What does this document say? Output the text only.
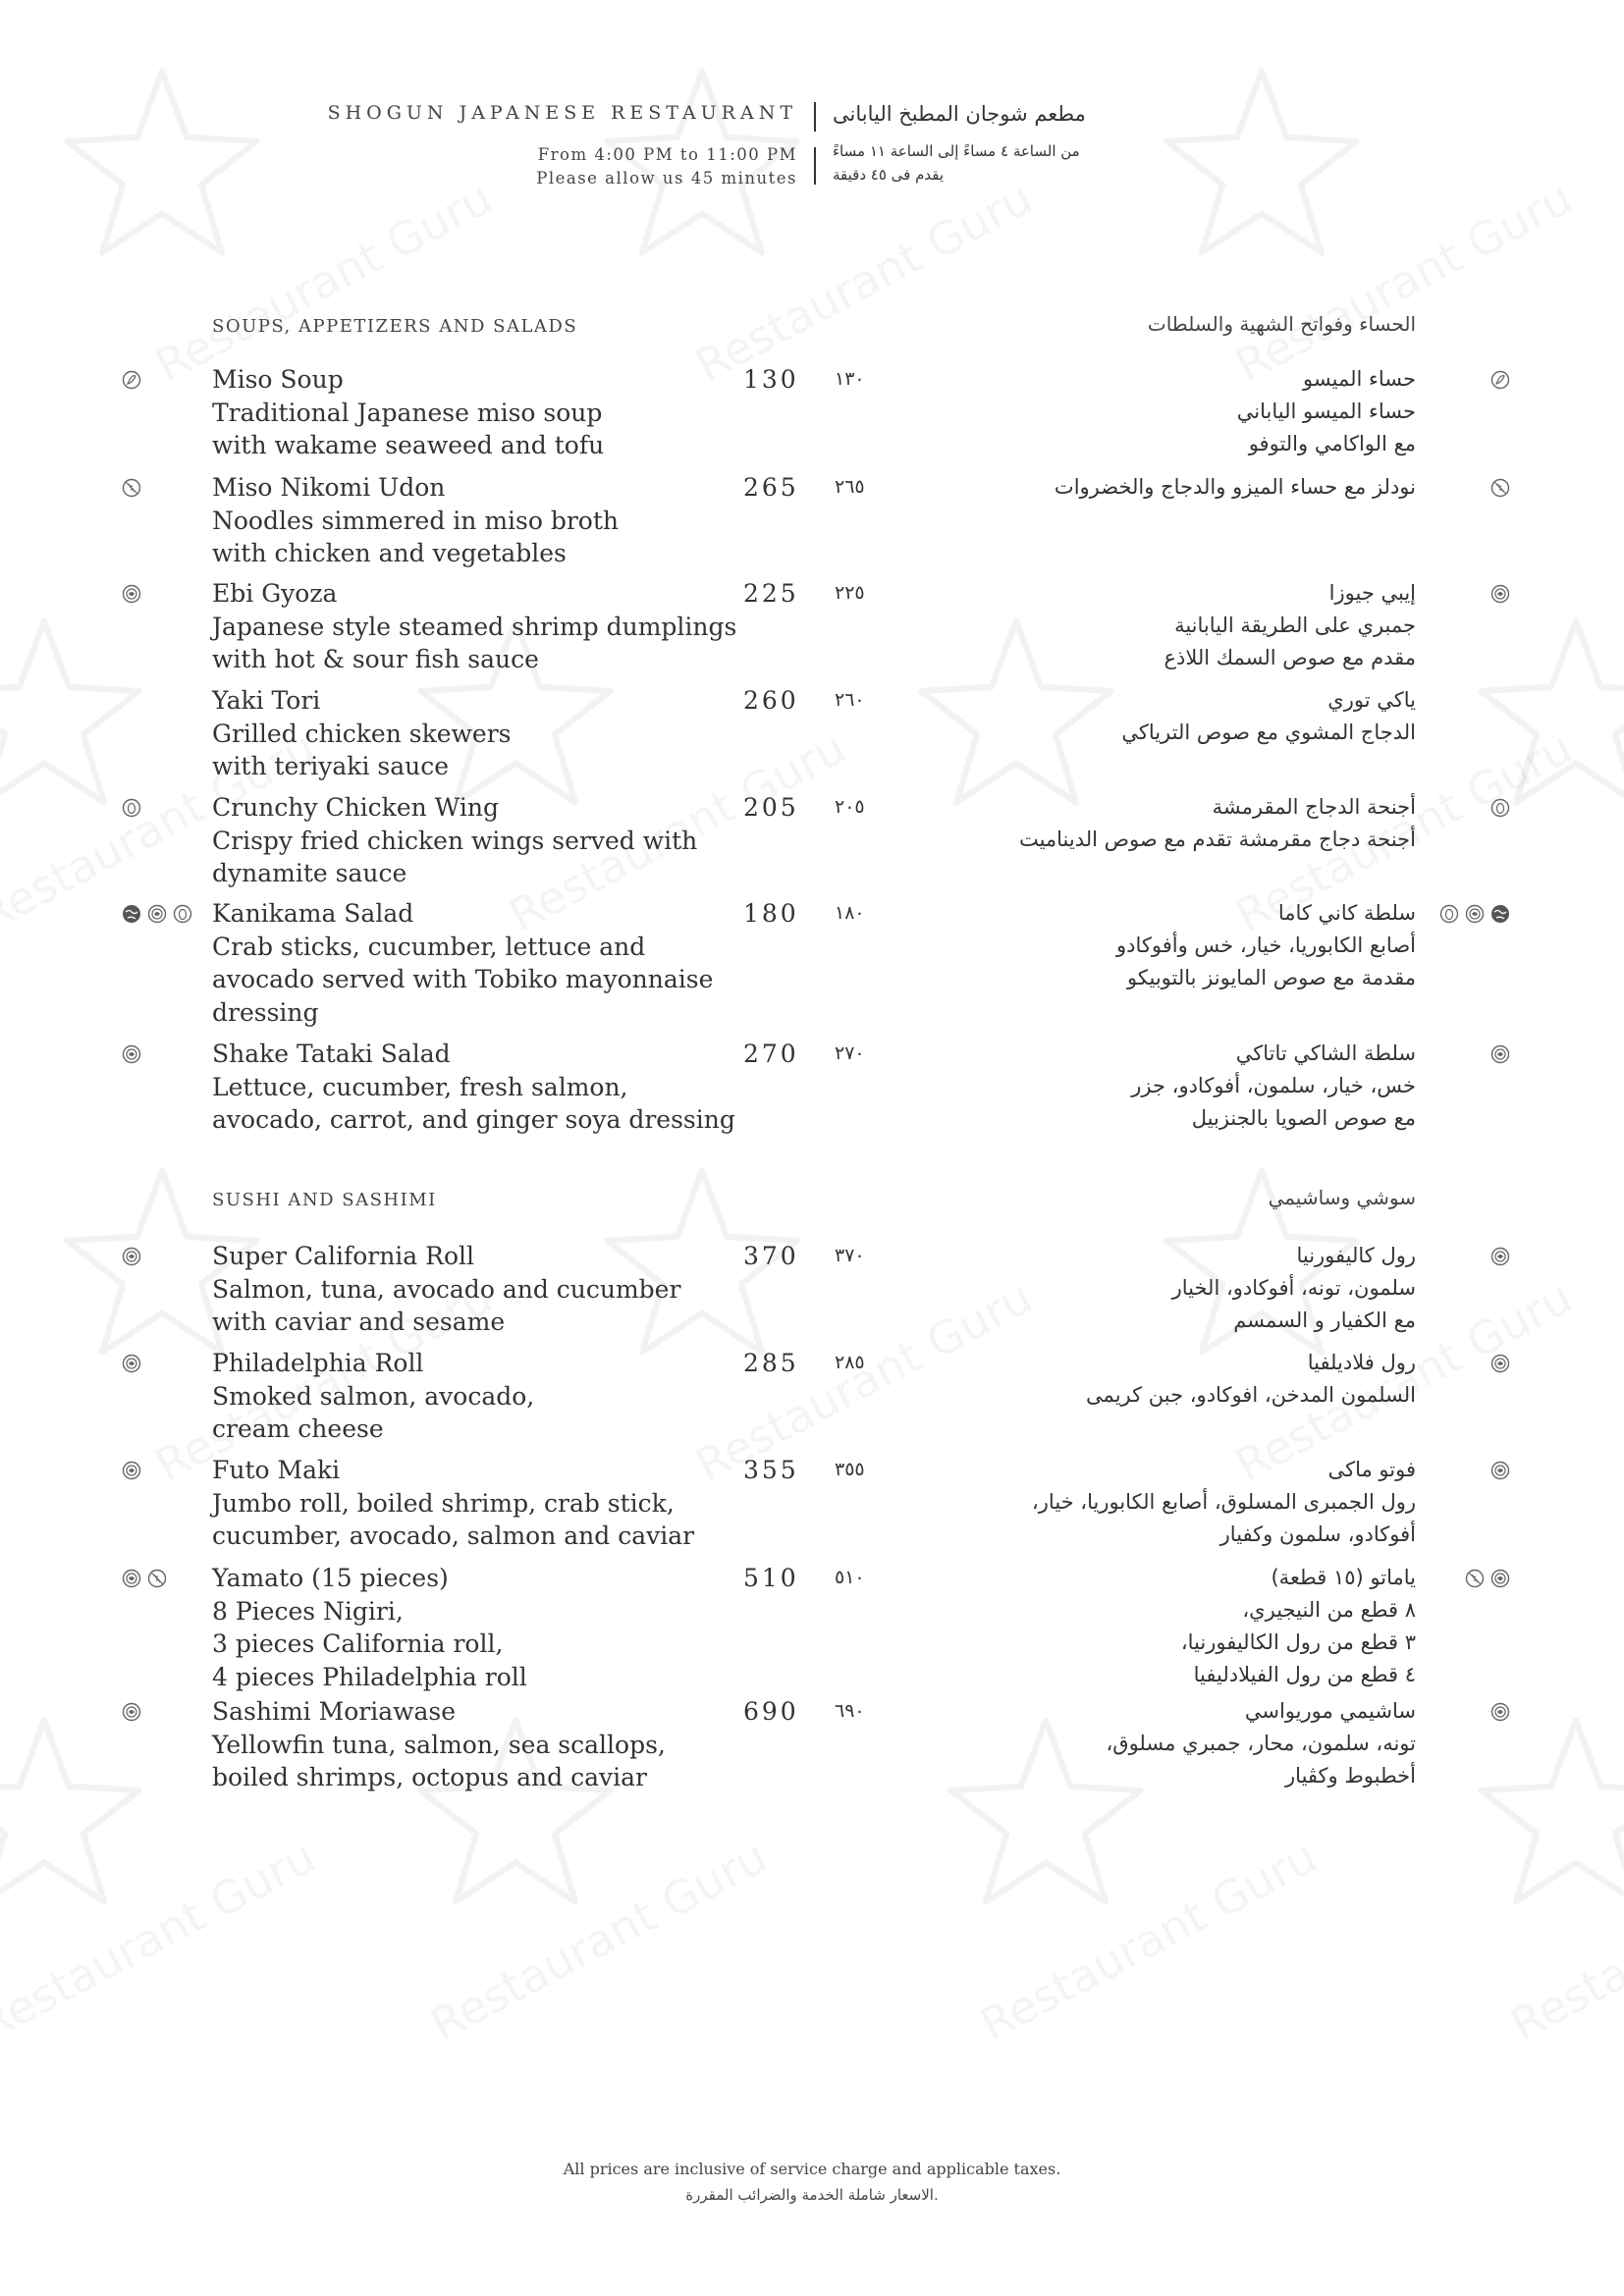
SHOGUN JAPANESE RESTAURANT
From 4:00 PM to 11:00 PM
Please allow us 45 minutes
مطعم شوجان المطبخ اليابانى
من الساعة ٤ مساءً إلى الساعة ١١ مساءً
يقدم فى ٤٥ دقيقة
SOUPS, APPETIZERS AND SALADS	الحساء وفواتح الشهية والسلطات
Miso Soup
Traditional Japanese miso soup
with wakame seaweed and tofu
130 ١٣٠	حساء الميسو
حساء الميسو الياباني
مع الواكامي والتوفو
Miso Nikomi Udon
Noodles simmered in miso broth
with chicken and vegetables
265 ٢٦٥	نودلز مع حساء الميزو والدجاج والخضروات
Ebi Gyoza
Japanese style steamed shrimp dumplings
with hot & sour fish sauce
225 ٢٢٥	إيبي جيوزا
جمبري على الطريقة اليابانية
مقدم مع صوص السمك اللاذع
Yaki Tori
Grilled chicken skewers
with teriyaki sauce
260 ٢٦٠	ياكي توري
الدجاج المشوي مع صوص الترياكي
Crunchy Chicken Wing
Crispy fried chicken wings served with
dynamite sauce
205 ٢٠٥	أجنحة الدجاج المقرمشة
أجنحة دجاج مقرمشة تقدم مع صوص الديناميت
Kanikama Salad
Crab sticks, cucumber, lettuce and
avocado served with Tobiko mayonnaise
dressing
180 ١٨٠	سلطة كاني كاما
أصابع الكابوريا، خيار، خس وأفوكادو
مقدمة مع صوص المايونز بالتوبيكو
Shake Tataki Salad
Lettuce, cucumber, fresh salmon,
avocado, carrot, and ginger soya dressing
270 ٢٧٠	سلطة الشاكي تاتاكي
خس، خيار، سلمون، أفوكادو، جزر
مع صوص الصويا بالجنزبيل
SUSHI AND SASHIMI	سوشي وساشيمي
Super California Roll
Salmon, tuna, avocado and cucumber
with caviar and sesame
370 ٣٧٠	رول كاليفورنيا
سلمون، تونه، أفوكادو، الخيار
مع الكفيار و السمسم
Philadelphia Roll
Smoked salmon, avocado,
cream cheese
285 ٢٨٥	رول فلاديلفيا
السلمون المدخن، افوكادو، جبن كريمى
Futo Maki
Jumbo roll, boiled shrimp, crab stick,
cucumber, avocado, salmon and caviar
355 ٣٥٥	فوتو ماكى
رول الجمبرى المسلوق، أصابع الكابوريا، خيار،
أفوكادو، سلمون وكفيار
Yamato (15 pieces)
8 Pieces Nigiri,
3 pieces California roll,
4 pieces Philadelphia roll
510 ٥١٠	ياماتو (١٥ قطعة)
٨ قطع من النيجيري،
٣ قطع من رول الكاليفورنيا،
٤ قطع من رول الفيلادليفيا
Sashimi Moriawase
Yellowfin tuna, salmon, sea scallops,
boiled shrimps, octopus and caviar
690 ٦٩٠	ساشيمي موريواسي
تونه، سلمون، محار، جمبري مسلوق،
أخطبوط وكڤيار
All prices are inclusive of service charge and applicable taxes.
الاسعار شاملة الخدمة والضرائب المقررة.
